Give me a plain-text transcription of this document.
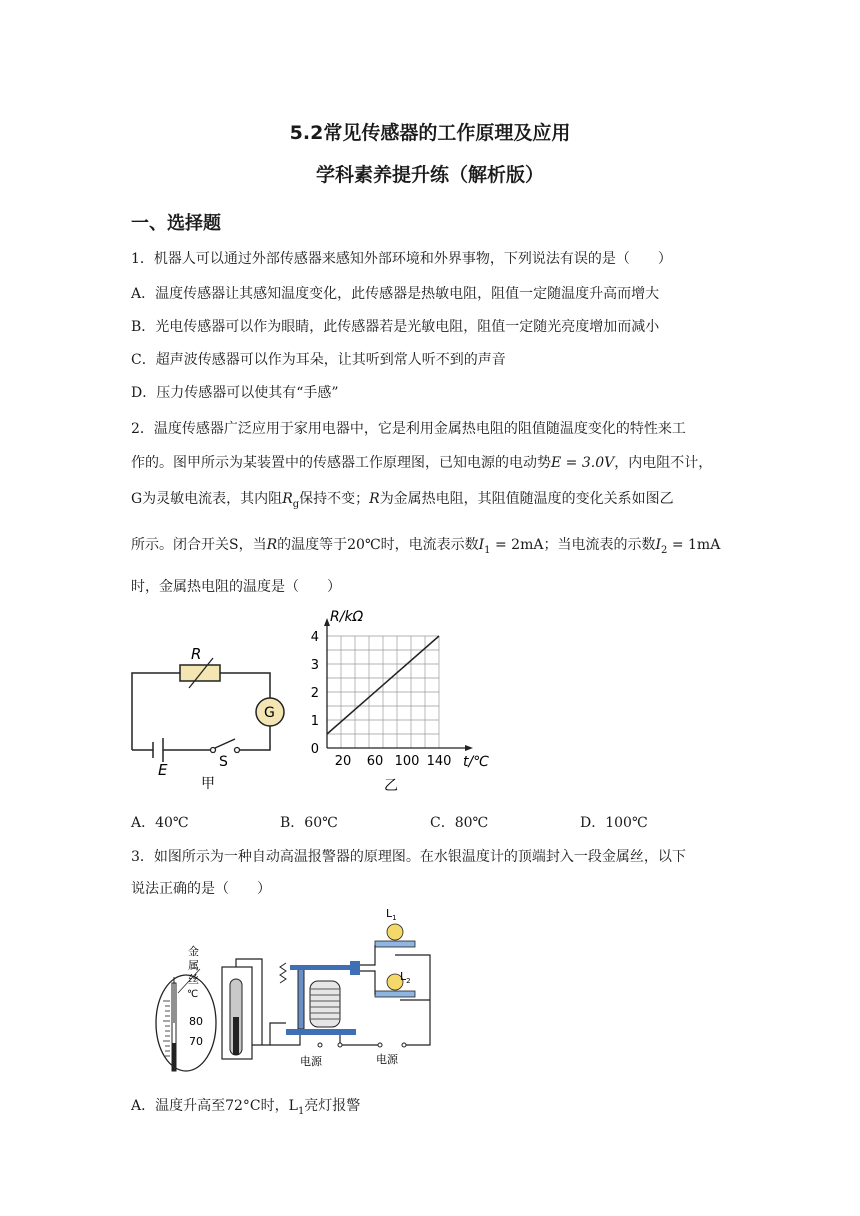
5.2常见传感器的工作原理及应用
学科素养提升练（解析版）
一、选择题
1．机器人可以通过外部传感器来感知外部环境和外界事物，下列说法有误的是（　　）
A．温度传感器让其感知温度变化，此传感器是热敏电阻，阻值一定随温度升高而增大
B．光电传感器可以作为眼睛，此传感器若是光敏电阻，阻值一定随光亮度增加而减小
C．超声波传感器可以作为耳朵，让其听到常人听不到的声音
D．压力传感器可以使其有“手感”
2．温度传感器广泛应用于家用电器中，它是利用金属热电阻的阻值随温度变化的特性来工
作的。图甲所示为某装置中的传感器工作原理图，已知电源的电动势E = 3.0V，内电阻不计，
G为灵敏电流表，其内阻$R_g$保持不变；R为金属热电阻，其阻值随温度的变化关系如图乙
所示。闭合开关S，当R的温度等于20℃时，电流表示数$I_1 = 2mA$；当电流表的示数$I_2 = 1mA$
时，金属热电阻的温度是（　　）
R
G
E	S
甲
20 60 100 140
0
1
2
3
4
R/kΩ
t/℃
乙
A．40℃	B．60℃	C．80℃	D．100℃
3．如图所示为一种自动高温报警器的原理图。在水银温度计的顶端封入一段金属丝，以下
说法正确的是（　　）
℃
80
70
金
属
丝
$L_1$
$L_2$
电源	电源
A．温度升高至72°C时，$L_1$亮灯报警
